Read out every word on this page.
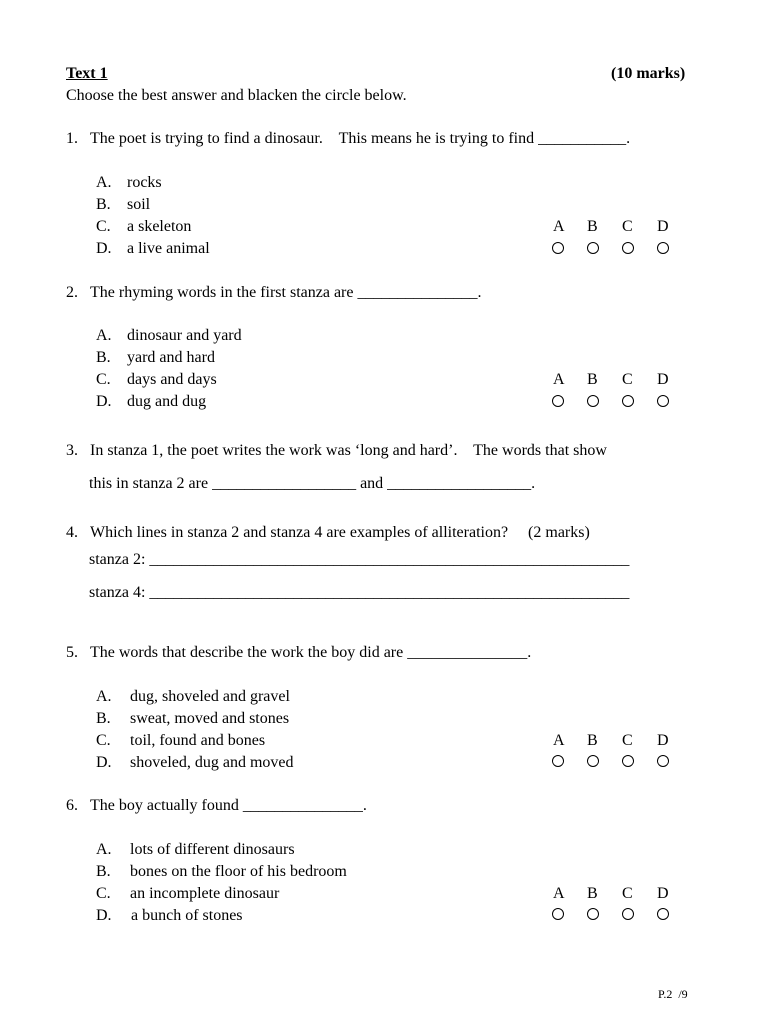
Text 1	(10 marks)
Choose the best answer and blacken the circle below.
1. The poet is trying to find a dinosaur.    This means he is trying to find ___________.
A. rocks
B. soil
C. a skeleton
D. a live animal
A B C D
2. The rhyming words in the first stanza are _______________.
A. dinosaur and yard
B. yard and hard
C. days and days
D. dug and dug
A B C D
3. In stanza 1, the poet writes the work was ‘long and hard’.    The words that show
this in stanza 2 are __________________ and __________________.
4. Which lines in stanza 2 and stanza 4 are examples of alliteration?     (2 marks)
stanza 2: ____________________________________________________________
stanza 4: ____________________________________________________________
5. The words that describe the work the boy did are _______________.
A. dug, shoveled and gravel
B. sweat, moved and stones
C. toil, found and bones
D. shoveled, dug and moved
A B C D
6. The boy actually found _______________.
A. lots of different dinosaurs
B. bones on the floor of his bedroom
C. an incomplete dinosaur
D. a bunch of stones
A B C D
P.2  /9
